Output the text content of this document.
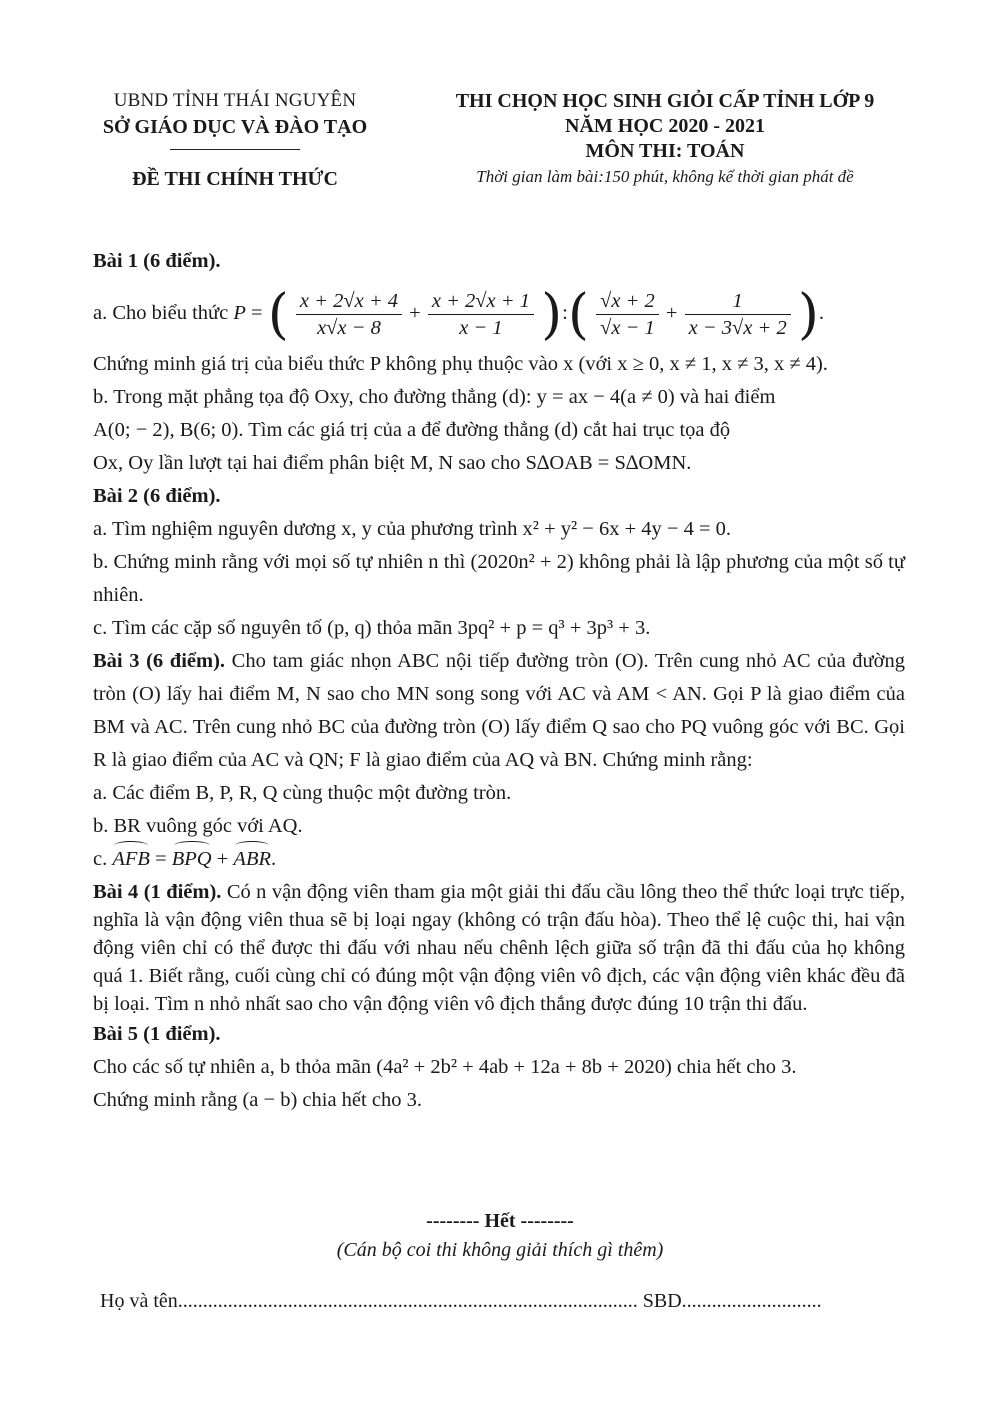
UBND TỈNH THÁI NGUYÊN
SỞ GIÁO DỤC VÀ ĐÀO TẠO
ĐỀ THI CHÍNH THỨC
THI CHỌN HỌC SINH GIỎI CẤP TỈNH LỚP 9
NĂM HỌC 2020 - 2021
MÔN THI: TOÁN
Thời gian làm bài:150 phút, không kể thời gian phát đề

Bài 1 (6 điểm).

a. Cho biểu thức P = ( $\frac{x + 2√x + 4}{x√x - 8} + \frac{x + 2√x + 1}{x - 1}$ ):( $\frac{√x + 2}{√x - 1} + \frac{1}{x - 3√x + 2}$ ).

Chứng minh giá trị của biểu thức P không phụ thuộc vào x (với x ≥ 0, x ≠ 1, x ≠ 3, x ≠ 4).

b. Trong mặt phẳng tọa độ Oxy, cho đường thẳng (d): y = ax − 4(a ≠ 0) và hai điểm

A(0; − 2), B(6; 0). Tìm các giá trị của a để đường thẳng (d) cắt hai trục tọa độ

Ox, Oy lần lượt tại hai điểm phân biệt M, N sao cho S∆OAB = S∆OMN.

Bài 2 (6 điểm).

a. Tìm nghiệm nguyên dương x, y của phương trình x² + y² − 6x + 4y − 4 = 0.

b. Chứng minh rằng với mọi số tự nhiên n thì (2020n² + 2) không phải là lập phương của một số tự nhiên.

c. Tìm các cặp số nguyên tố (p, q) thỏa mãn 3pq² + p = q³ + 3p³ + 3.

Bài 3 (6 điểm). Cho tam giác nhọn ABC nội tiếp đường tròn (O). Trên cung nhỏ AC của đường tròn (O) lấy hai điểm M, N sao cho MN song song với AC và AM < AN. Gọi P là giao điểm của BM và AC. Trên cung nhỏ BC của đường tròn (O) lấy điểm Q sao cho PQ vuông góc với BC. Gọi R là giao điểm của AC và QN; F là giao điểm của AQ và BN. Chứng minh rằng:

a. Các điểm B, P, R, Q cùng thuộc một đường tròn.

b. BR vuông góc với AQ.

c. AFB = BPQ + ABR.

Bài 4 (1 điểm). Có n vận động viên tham gia một giải thi đấu cầu lông theo thể thức loại trực tiếp, nghĩa là vận động viên thua sẽ bị loại ngay (không có trận đấu hòa). Theo thể lệ cuộc thi, hai vận động viên chỉ có thể được thi đấu với nhau nếu chênh lệch giữa số trận đã thi đấu của họ không quá 1. Biết rằng, cuối cùng chỉ có đúng một vận động viên vô địch, các vận động viên khác đều đã bị loại. Tìm n nhỏ nhất sao cho vận động viên vô địch thắng được đúng 10 trận thi đấu.

Bài 5 (1 điểm).

Cho các số tự nhiên a, b thỏa mãn (4a² + 2b² + 4ab + 12a + 8b + 2020) chia hết cho 3.

Chứng minh rằng (a − b) chia hết cho 3.

-------- Hết --------
(Cán bộ coi thi không giải thích gì thêm)
Họ và tên............................................................................................ SBD............................
